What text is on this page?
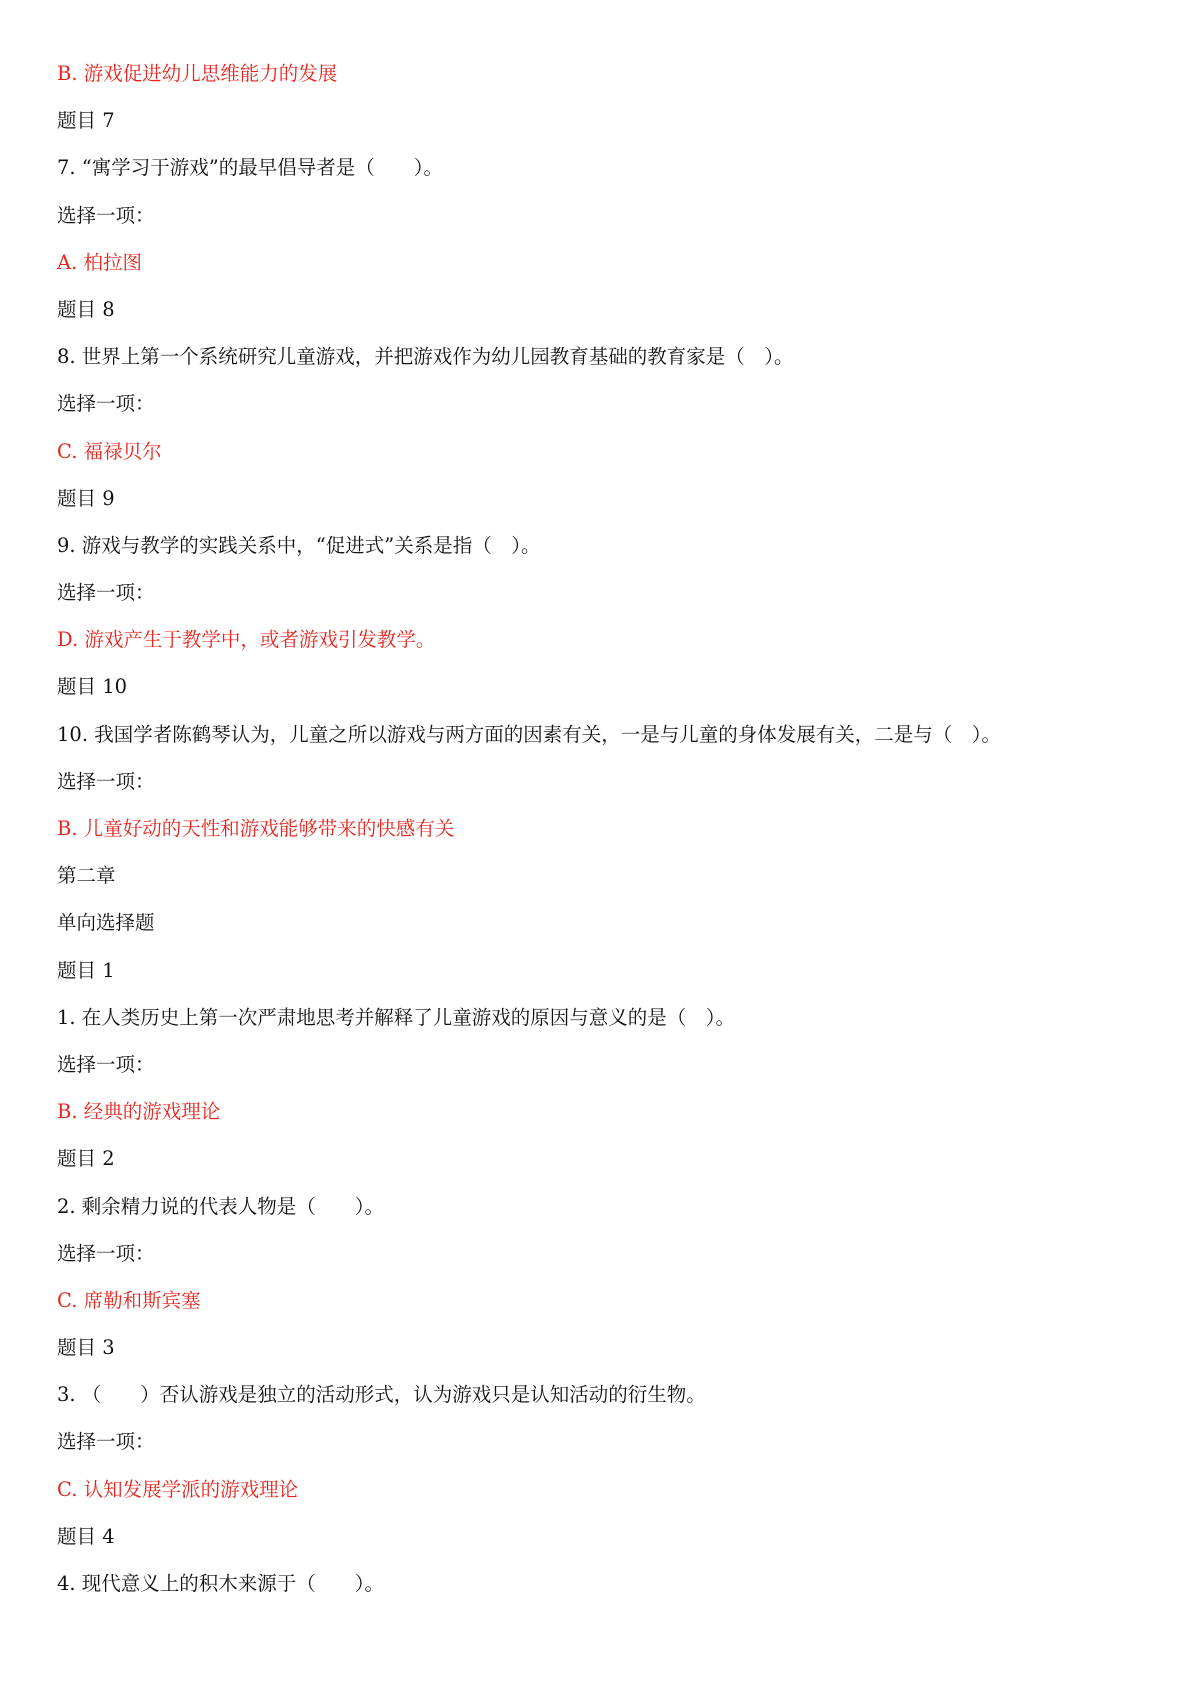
B. 游戏促进幼儿思维能力的发展
题目 7
7. “寓学习于游戏”的最早倡导者是（　　）。
选择一项：
A. 柏拉图
题目 8
8. 世界上第一个系统研究儿童游戏，并把游戏作为幼儿园教育基础的教育家是（　）。
选择一项：
C. 福禄贝尔
题目 9
9. 游戏与教学的实践关系中，“促进式”关系是指（　）。
选择一项：
D. 游戏产生于教学中，或者游戏引发教学。
题目 10
10. 我国学者陈鹤琴认为，儿童之所以游戏与两方面的因素有关，一是与儿童的身体发展有关，二是与（　）。
选择一项：
B. 儿童好动的天性和游戏能够带来的快感有关
第二章
单向选择题
题目 1
1. 在人类历史上第一次严肃地思考并解释了儿童游戏的原因与意义的是（　）。
选择一项：
B. 经典的游戏理论
题目 2
2. 剩余精力说的代表人物是（　　）。
选择一项：
C. 席勒和斯宾塞
题目 3
3. （　　）否认游戏是独立的活动形式，认为游戏只是认知活动的衍生物。
选择一项：
C. 认知发展学派的游戏理论
题目 4
4. 现代意义上的积木来源于（　　）。
